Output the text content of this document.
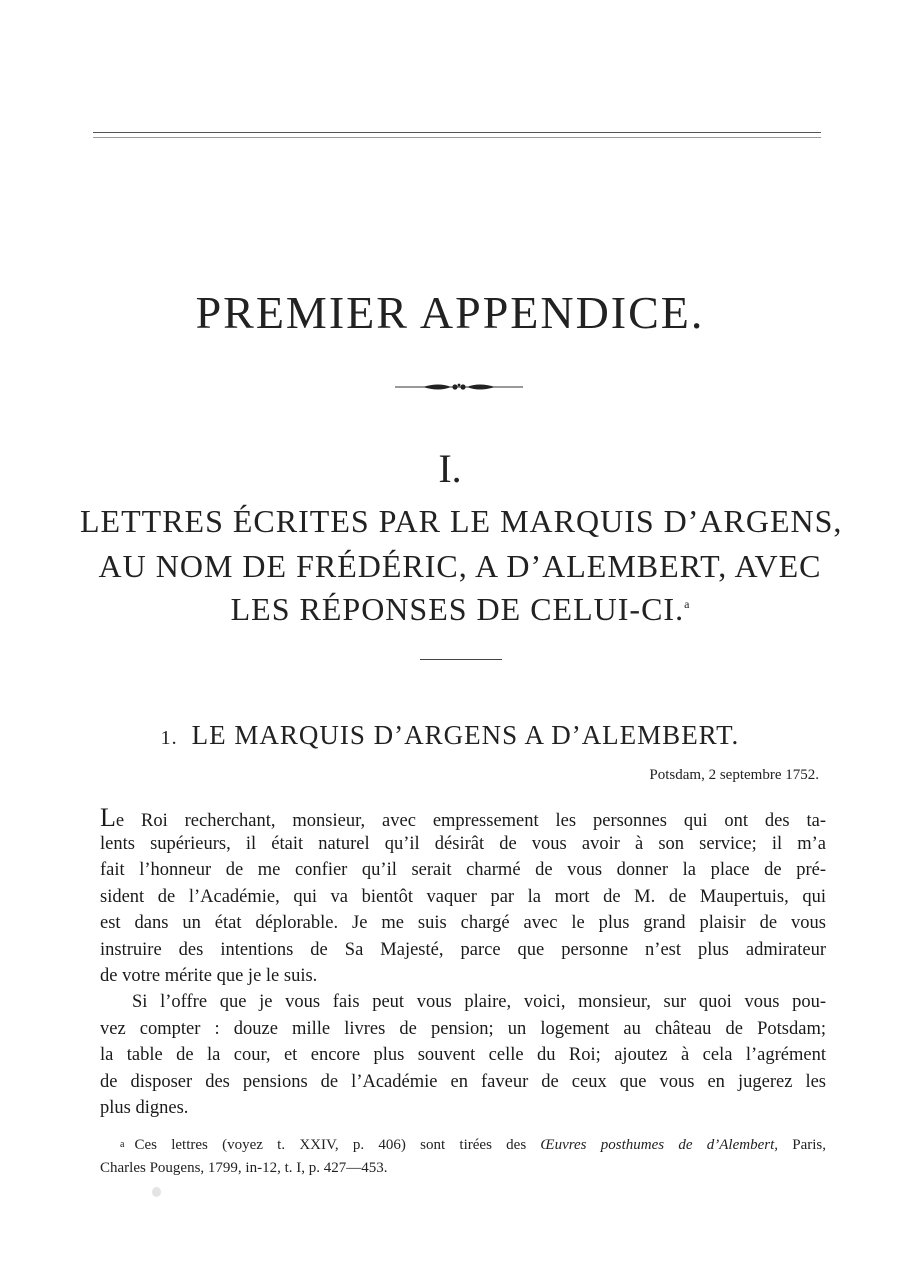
PREMIER APPENDICE.
I.
LETTRES ÉCRITES PAR LE MARQUIS D’ARGENS,
AU NOM DE FRÉDÉRIC, A D’ALEMBERT, AVEC
LES RÉPONSES DE CELUI-CI.$^a$
1. LE MARQUIS D’ARGENS A D’ALEMBERT.
Potsdam, 2 septembre 1752.
Le Roi recherchant, monsieur, avec empressement les personnes qui ont des ta-
lents supérieurs, il était naturel qu’il désirât de vous avoir à son service; il m’a
fait l’honneur de me confier qu’il serait charmé de vous donner la place de pré-
sident de l’Académie, qui va bientôt vaquer par la mort de M. de Maupertuis, qui
est dans un état déplorable. Je me suis chargé avec le plus grand plaisir de vous
instruire des intentions de Sa Majesté, parce que personne n’est plus admirateur
de votre mérite que je le suis.
Si l’offre que je vous fais peut vous plaire, voici, monsieur, sur quoi vous pou-
vez compter : douze mille livres de pension; un logement au château de Potsdam;
la table de la cour, et encore plus souvent celle du Roi; ajoutez à cela l’agrément
de disposer des pensions de l’Académie en faveur de ceux que vous en jugerez les
plus dignes.
a Ces lettres (voyez t. XXIV, p. 406) sont tirées des Œuvres posthumes de d’Alembert, Paris,
Charles Pougens, 1799, in-12, t. I, p. 427—453.
